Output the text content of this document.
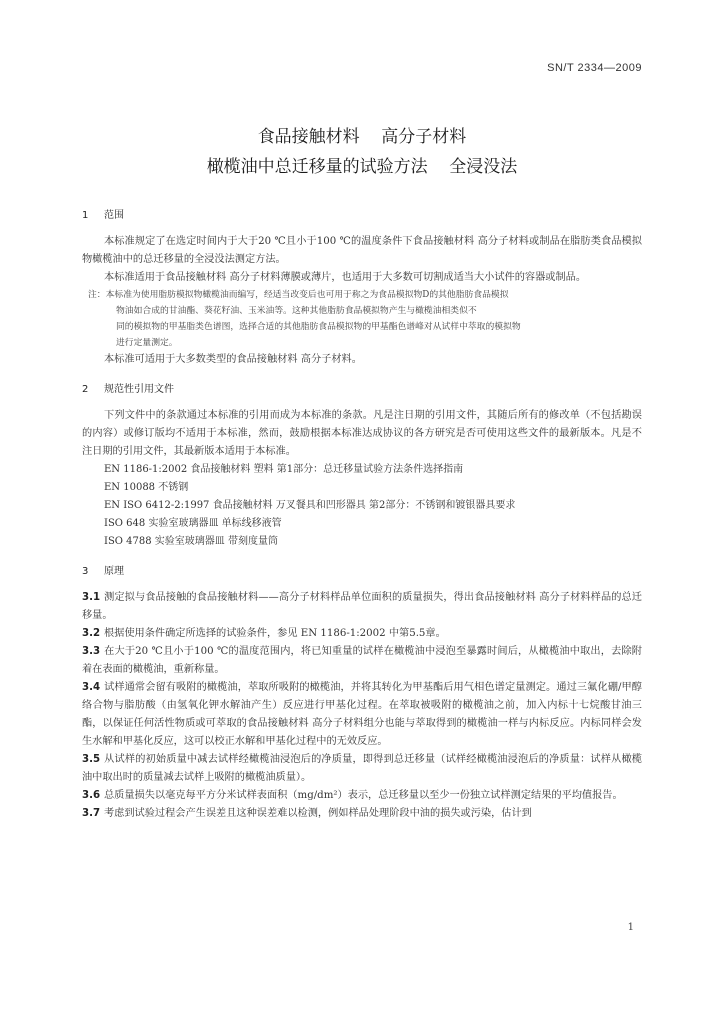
SN/T 2334—2009
食品接触材料    高分子材料
橄榄油中总迁移量的试验方法    全浸没法
1 范围

本标准规定了在选定时间内于大于20 ℃且小于100 ℃的温度条件下食品接触材料 高分子材料或制品在脂肪类食品模拟物橄榄油中的总迁移量的全浸没法测定方法。

本标准适用于食品接触材料 高分子材料薄膜或薄片，也适用于大多数可切割成适当大小试件的容器或制品。

注：本标准为使用脂肪模拟物橄榄油而编写，经适当改变后也可用于称之为食品模拟物D的其他脂肪食品模拟
物油如合成的甘油酯、葵花籽油、玉米油等。这种其他脂肪食品模拟物产生与橄榄油相类似不
同的模拟物的甲基脂类色谱图，选择合适的其他脂肪食品模拟物的甲基酯色谱峰对从试样中萃取的模拟物
进行定量测定。

本标准可适用于大多数类型的食品接触材料 高分子材料。

2 规范性引用文件

下列文件中的条款通过本标准的引用而成为本标准的条款。凡是注日期的引用文件，其随后所有的修改单（不包括勘误的内容）或修订版均不适用于本标准，然而，鼓励根据本标准达成协议的各方研究是否可使用这些文件的最新版本。凡是不注日期的引用文件，其最新版本适用于本标准。

EN 1186-1:2002 食品接触材料 塑料 第1部分：总迁移量试验方法条件选择指南
EN 10088 不锈钢
EN ISO 6412-2:1997 食品接触材料 万叉餐具和凹形器具 第2部分：不锈钢和镀银器具要求
ISO 648 实验室玻璃器皿 单标线移液管
ISO 4788 实验室玻璃器皿 带刻度量筒
3 原理
3.1 测定拟与食品接触的食品接触材料——高分子材料样品单位面积的质量损失，得出食品接触材料 高分子材料样品的总迁移量。
3.2 根据使用条件确定所选择的试验条件，参见 EN 1186-1:2002 中第5.5章。
3.3 在大于20 ℃且小于100 ℃的温度范围内，将已知重量的试样在橄榄油中浸泡至暴露时间后，从橄榄油中取出，去除附着在表面的橄榄油，重新称量。
3.4 试样通常会留有吸附的橄榄油，萃取所吸附的橄榄油，并将其转化为甲基酯后用气相色谱定量测定。通过三氟化硼/甲醇络合物与脂肪酸（由氢氧化钾水解油产生）反应进行甲基化过程。在萃取被吸附的橄榄油之前，加入内标十七烷酸甘油三酯，以保证任何活性物质或可萃取的食品接触材料 高分子材料组分也能与萃取得到的橄榄油一样与内标反应。内标同样会发生水解和甲基化反应，这可以校正水解和甲基化过程中的无效反应。
3.5 从试样的初始质量中减去试样经橄榄油浸泡后的净质量，即得到总迁移量（试样经橄榄油浸泡后的净质量：试样从橄榄油中取出时的质量减去试样上吸附的橄榄油质量）。
3.6 总质量损失以毫克每平方分米试样表面积（mg/dm²）表示，总迁移量以至少一份独立试样测定结果的平均值报告。
3.7 考虑到试验过程会产生误差且这种误差难以检测，例如样品处理阶段中油的损失或污染，估计到
1
